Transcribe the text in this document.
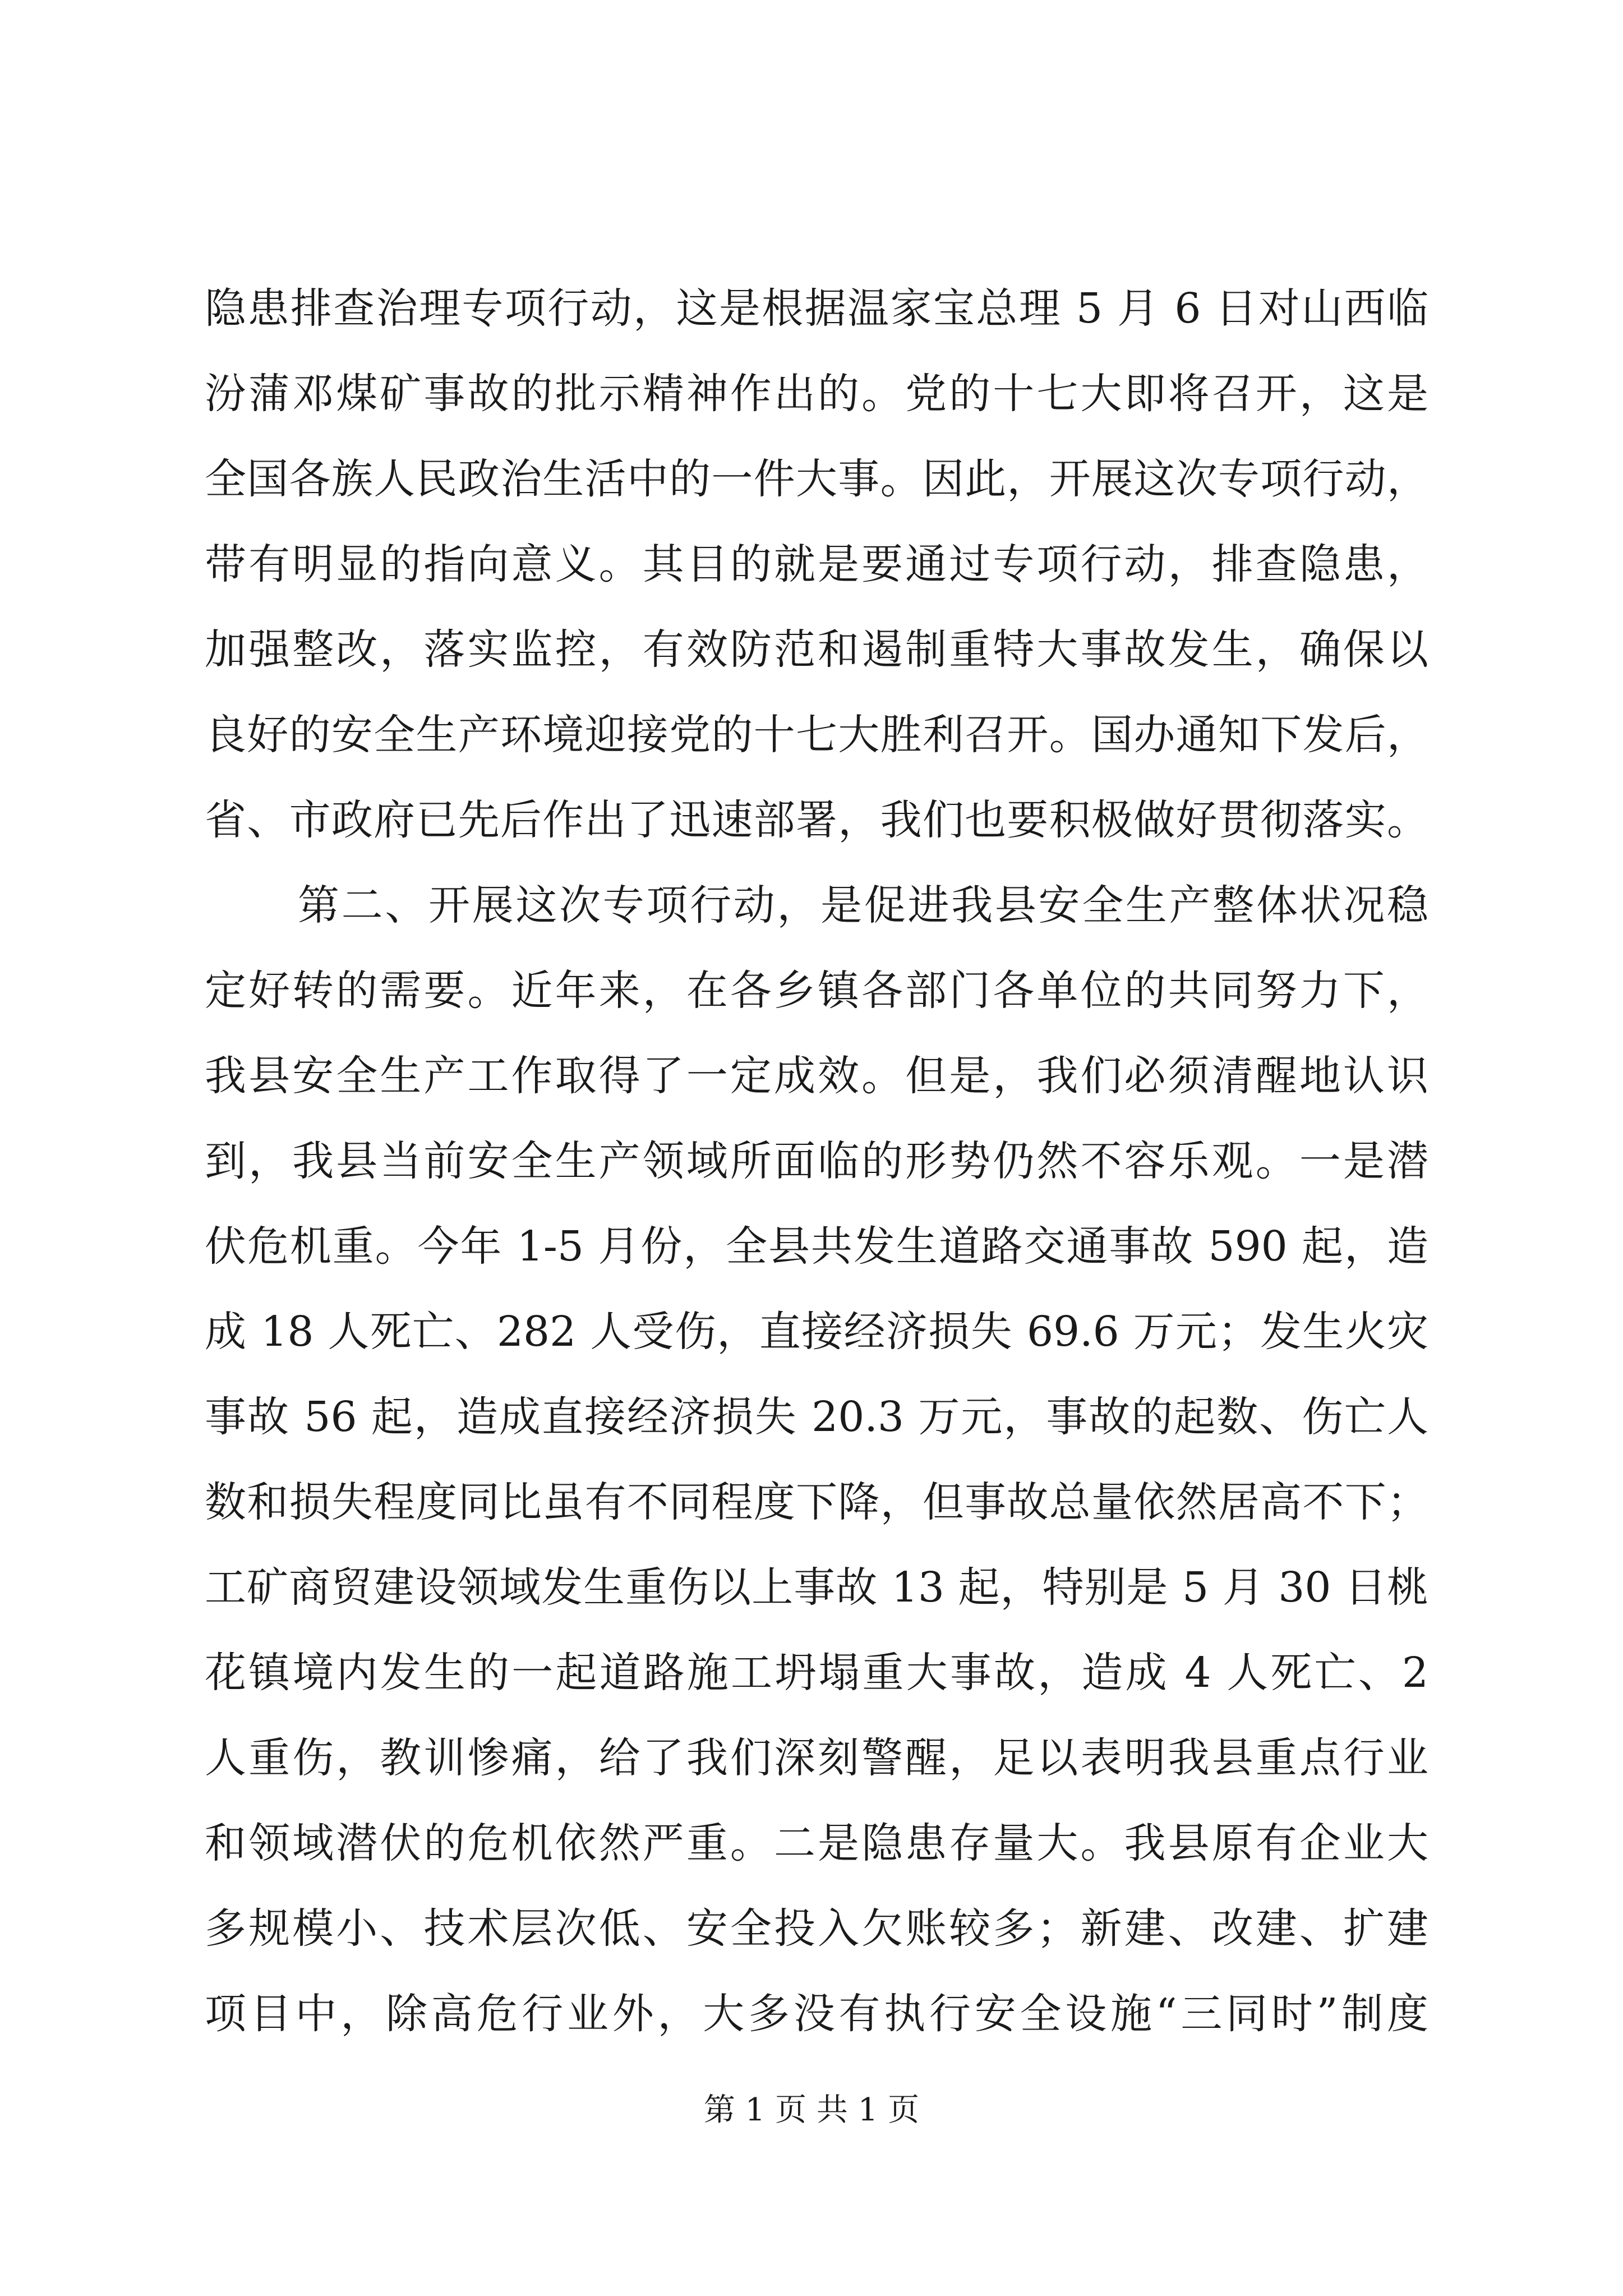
隐患排查治理专项行动，这是根据温家宝总理 5 月 6 日对山西临

汾蒲邓煤矿事故的批示精神作出的。党的十七大即将召开，这是

全国各族人民政治生活中的一件大事。因此，开展这次专项行动，

带有明显的指向意义。其目的就是要通过专项行动，排查隐患，

加强整改，落实监控，有效防范和遏制重特大事故发生，确保以

良好的安全生产环境迎接党的十七大胜利召开。国办通知下发后，

省、市政府已先后作出了迅速部署，我们也要积极做好贯彻落实。

第二、开展这次专项行动，是促进我县安全生产整体状况稳

定好转的需要。近年来，在各乡镇各部门各单位的共同努力下，

我县安全生产工作取得了一定成效。但是，我们必须清醒地认识

到，我县当前安全生产领域所面临的形势仍然不容乐观。一是潜

伏危机重。今年 1-5 月份，全县共发生道路交通事故 590 起，造

成 18 人死亡、282 人受伤，直接经济损失 69.6 万元；发生火灾

事故 56 起，造成直接经济损失 20.3 万元，事故的起数、伤亡人

数和损失程度同比虽有不同程度下降，但事故总量依然居高不下；

工矿商贸建设领域发生重伤以上事故 13 起，特别是 5 月 30 日桃

花镇境内发生的一起道路施工坍塌重大事故，造成 4 人死亡、2

人重伤，教训惨痛，给了我们深刻警醒，足以表明我县重点行业

和领域潜伏的危机依然严重。二是隐患存量大。我县原有企业大

多规模小、技术层次低、安全投入欠账较多；新建、改建、扩建

项目中，除高危行业外，大多没有执行安全设施“三同时”制度

第 1 页 共 1 页
